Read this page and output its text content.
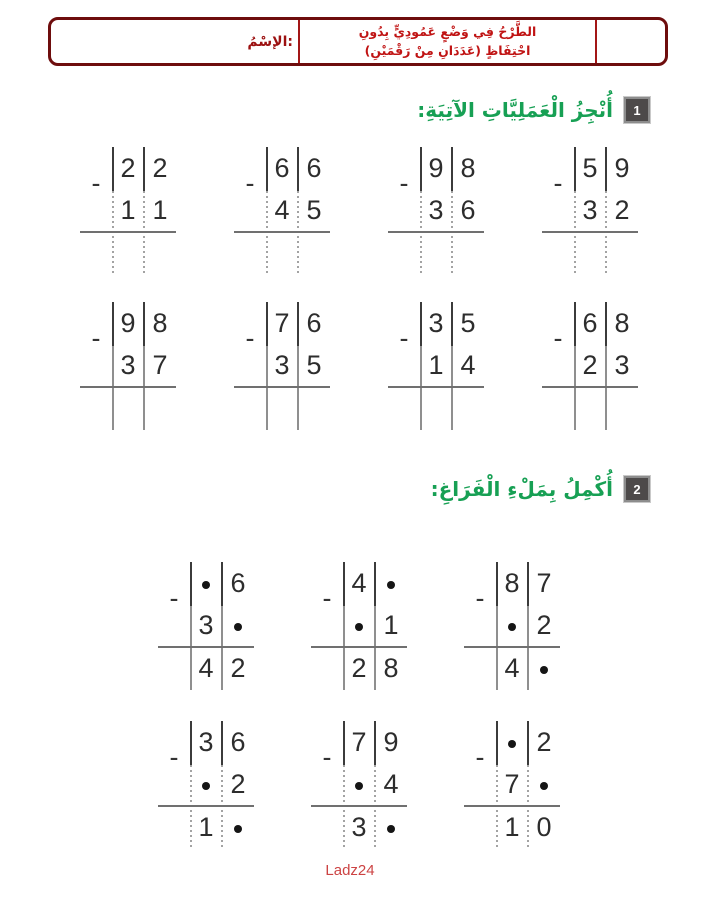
الإسْمُ:
الطَّرْحُ فِي وَضْعٍ عَمُودِيٍّ بِدُونِ
احْتِفَاظٍ (عَدَدَانِ مِنْ رَقْمَيْنِ)
1
أُنْجِزُ الْعَمَلِيَّاتِ الآتِيَةِ:
- 2 2
1 1
- 6 6
4 5
- 9 8
3 6
- 5 9
3 2
- 9 8
3 7
- 7 6
3 5
- 3 5
1 4
- 6 8
2 3
2
أُكْمِلُ بِمَلْءِ الْفَرَاغِ:
-	6
3
4 2
- 4
1
2 8
- 8 7
2
4
- 3 6
2
1
- 7 9
4
3
-	2
7
1 0
Ladz24
